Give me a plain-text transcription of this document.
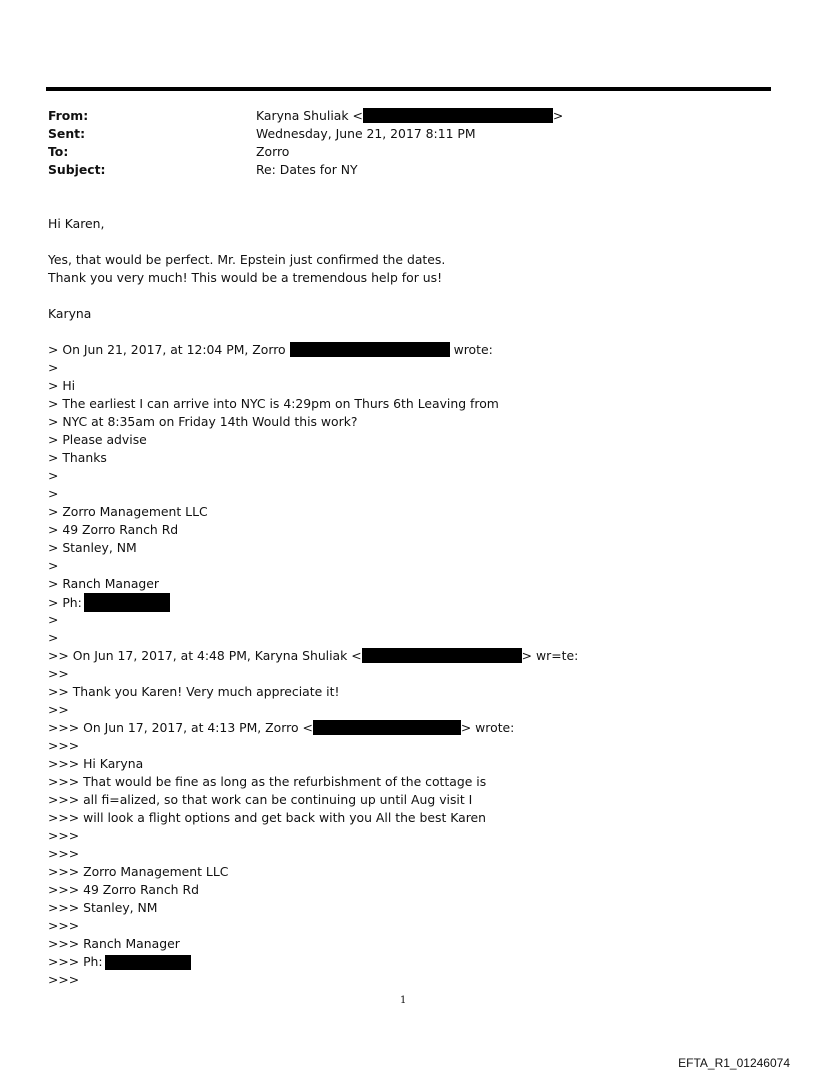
From:	Karyna Shuliak <	>
Sent:	Wednesday, June 21, 2017 8:11 PM
To:	Zorro
Subject:	Re: Dates for NY
Hi Karen,
Yes, that would be perfect. Mr. Epstein just confirmed the dates.
Thank you very much! This would be a tremendous help for us!
Karyna
> On Jun 21, 2017, at 12:04 PM, Zorro	wrote:
>
> Hi
> The earliest I can arrive into NYC is 4:29pm on Thurs 6th Leaving from
> NYC at 8:35am on Friday 14th Would this work?
> Please advise
> Thanks
>
>
> Zorro Management LLC
> 49 Zorro Ranch Rd
> Stanley, NM
>
> Ranch Manager
> Ph:
>
>
>> On Jun 17, 2017, at 4:48 PM, Karyna Shuliak <	> wr=te:
>>
>> Thank you Karen! Very much appreciate it!
>>
>>> On Jun 17, 2017, at 4:13 PM, Zorro <	> wrote:
>>>
>>> Hi Karyna
>>> That would be fine as long as the refurbishment of the cottage is
>>> all fi=alized, so that work can be continuing up until Aug visit I
>>> will look a flight options and get back with you All the best Karen
>>>
>>>
>>> Zorro Management LLC
>>> 49 Zorro Ranch Rd
>>> Stanley, NM
>>>
>>> Ranch Manager
>>> Ph:
>>>
1
EFTA_R1_01246074
